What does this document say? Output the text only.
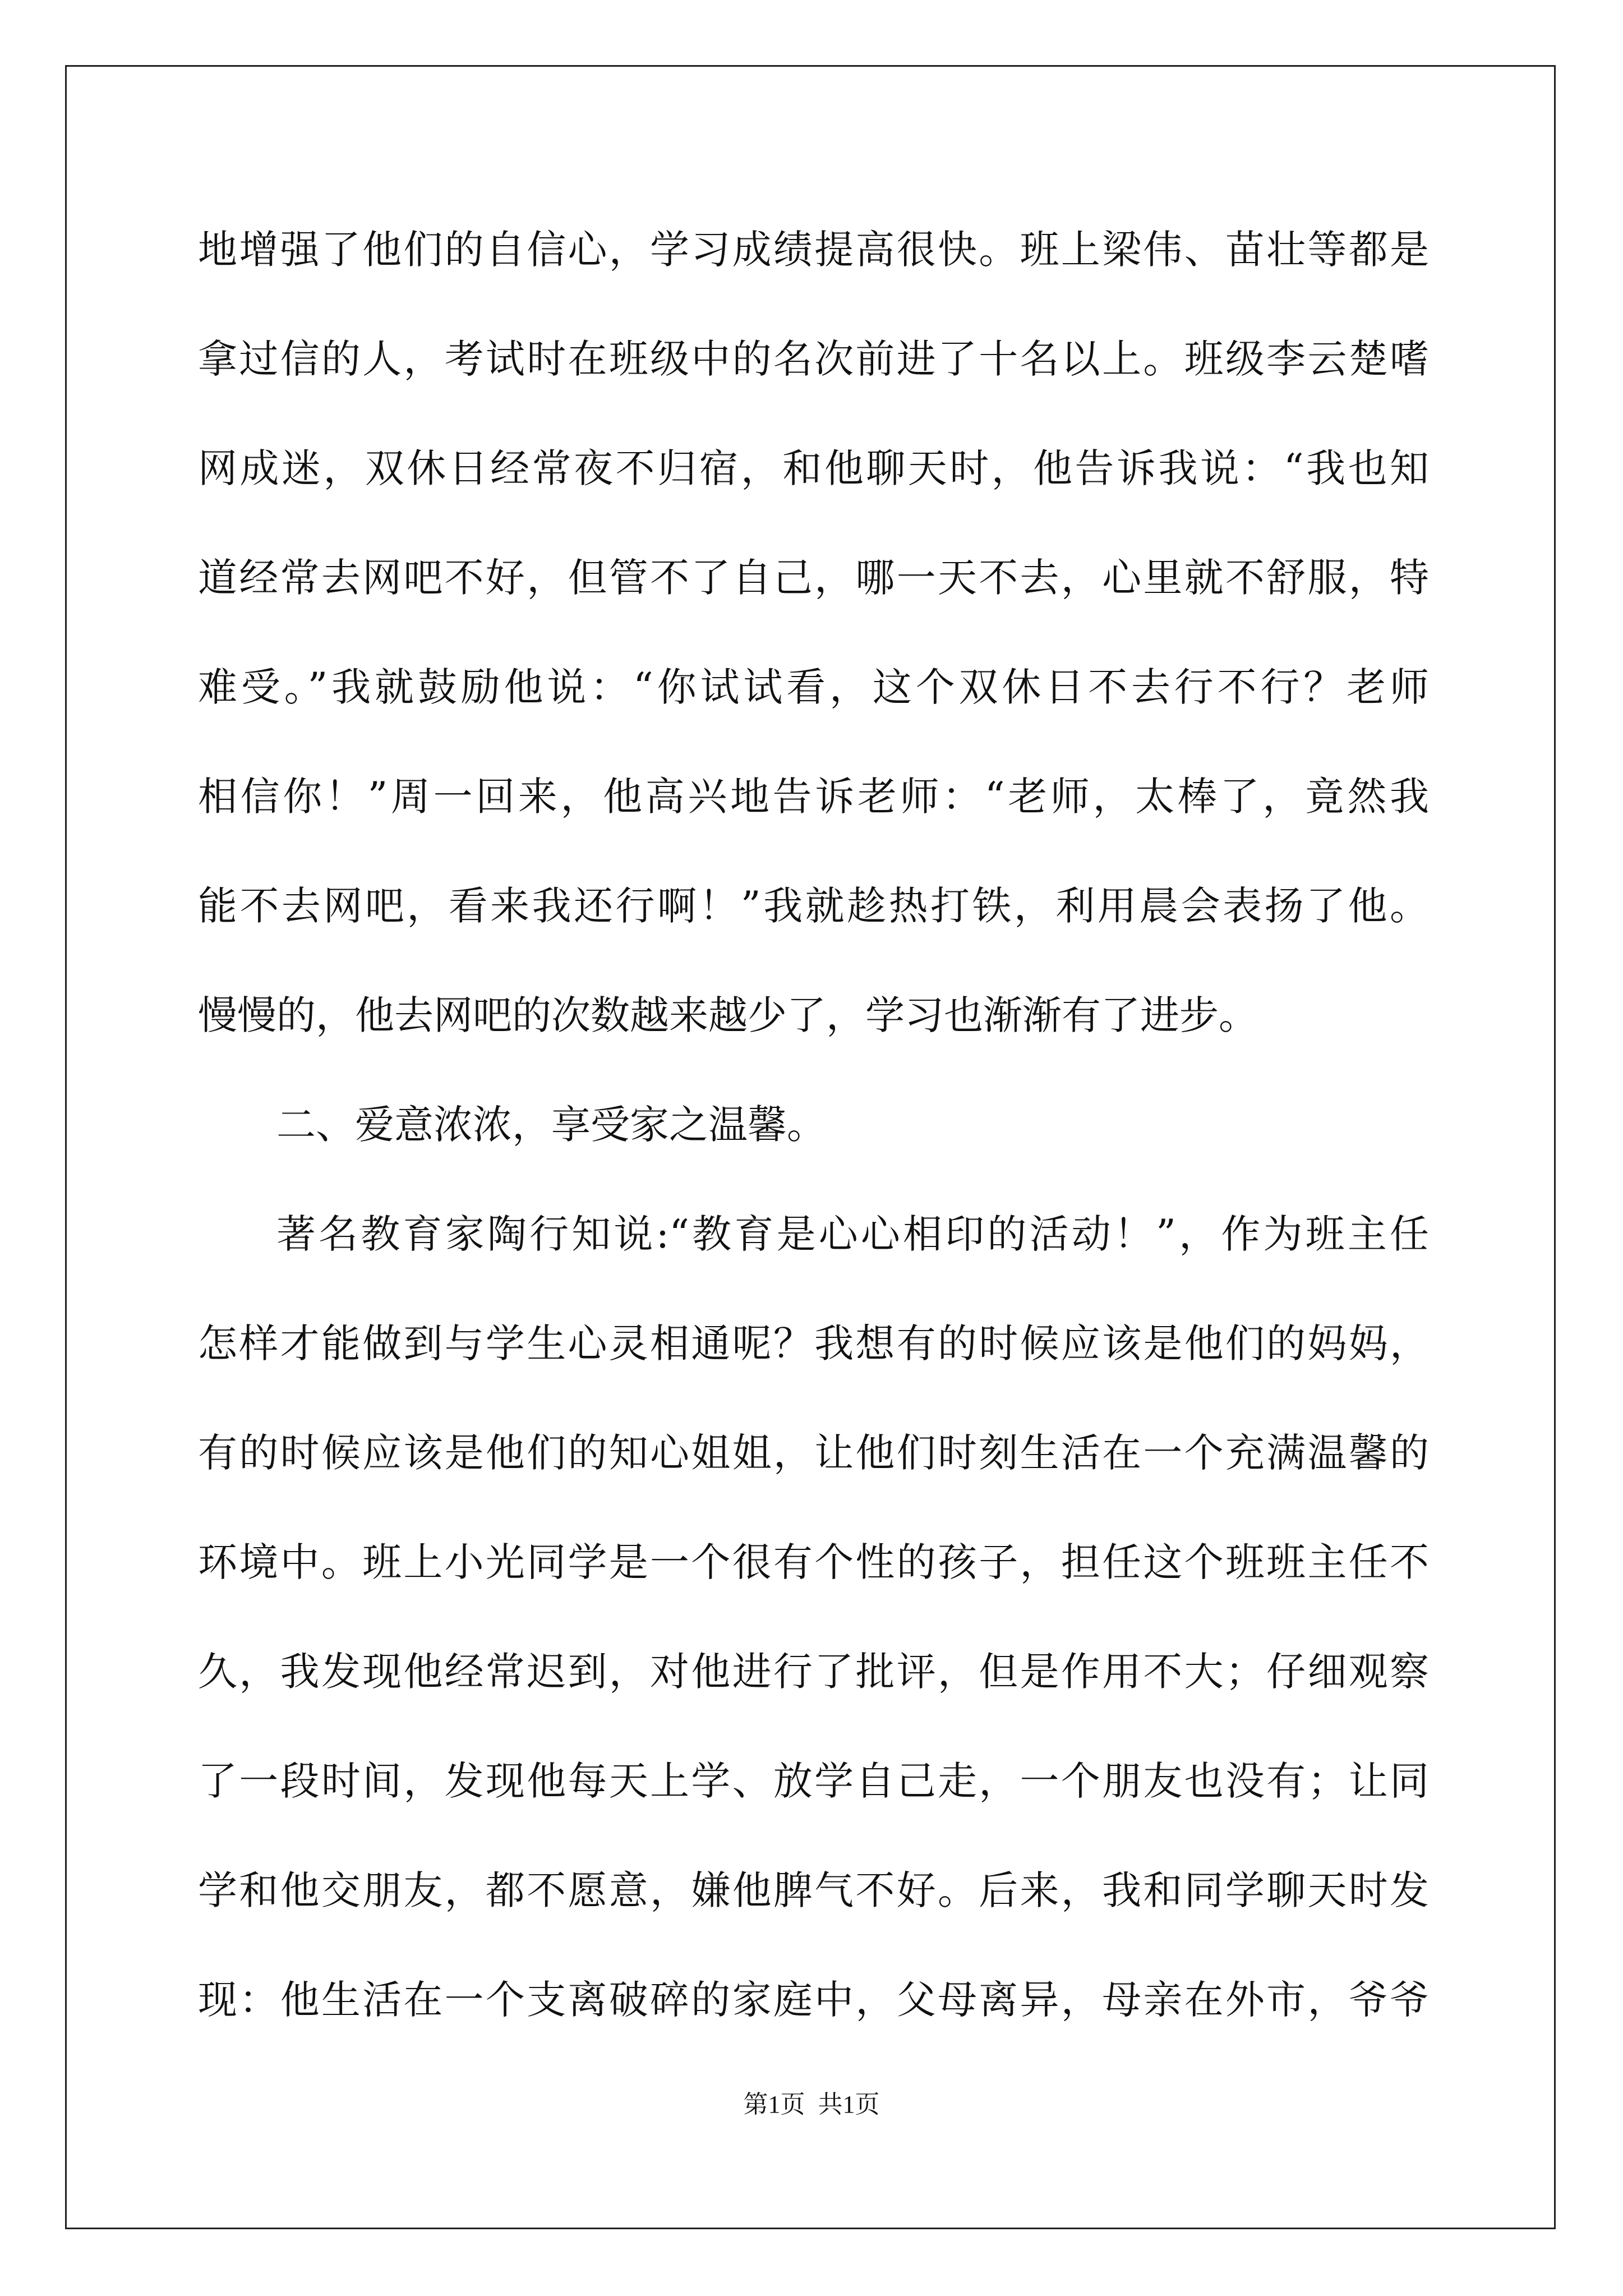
地增强了他们的自信心，学习成绩提高很快。班上梁伟、苗壮等都是
拿过信的人，考试时在班级中的名次前进了十名以上。班级李云楚嗜
网成迷，双休日经常夜不归宿，和他聊天时，他告诉我说：“我也知
道经常去网吧不好，但管不了自己，哪一天不去，心里就不舒服，特
难受。”我就鼓励他说：“你试试看，这个双休日不去行不行？老师
相信你！”周一回来，他高兴地告诉老师：“老师，太棒了，竟然我
能不去网吧，看来我还行啊！”我就趁热打铁，利用晨会表扬了他。
慢慢的，他去网吧的次数越来越少了，学习也渐渐有了进步。
二、爱意浓浓，享受家之温馨。
著名教育家陶行知说:“教育是心心相印的活动！”，作为班主任
怎样才能做到与学生心灵相通呢？我想有的时候应该是他们的妈妈，
有的时候应该是他们的知心姐姐，让他们时刻生活在一个充满温馨的
环境中。班上小光同学是一个很有个性的孩子，担任这个班班主任不
久，我发现他经常迟到，对他进行了批评，但是作用不大；仔细观察
了一段时间，发现他每天上学、放学自己走，一个朋友也没有；让同
学和他交朋友，都不愿意，嫌他脾气不好。后来，我和同学聊天时发
现：他生活在一个支离破碎的家庭中，父母离异，母亲在外市，爷爷
第1页 共1页
